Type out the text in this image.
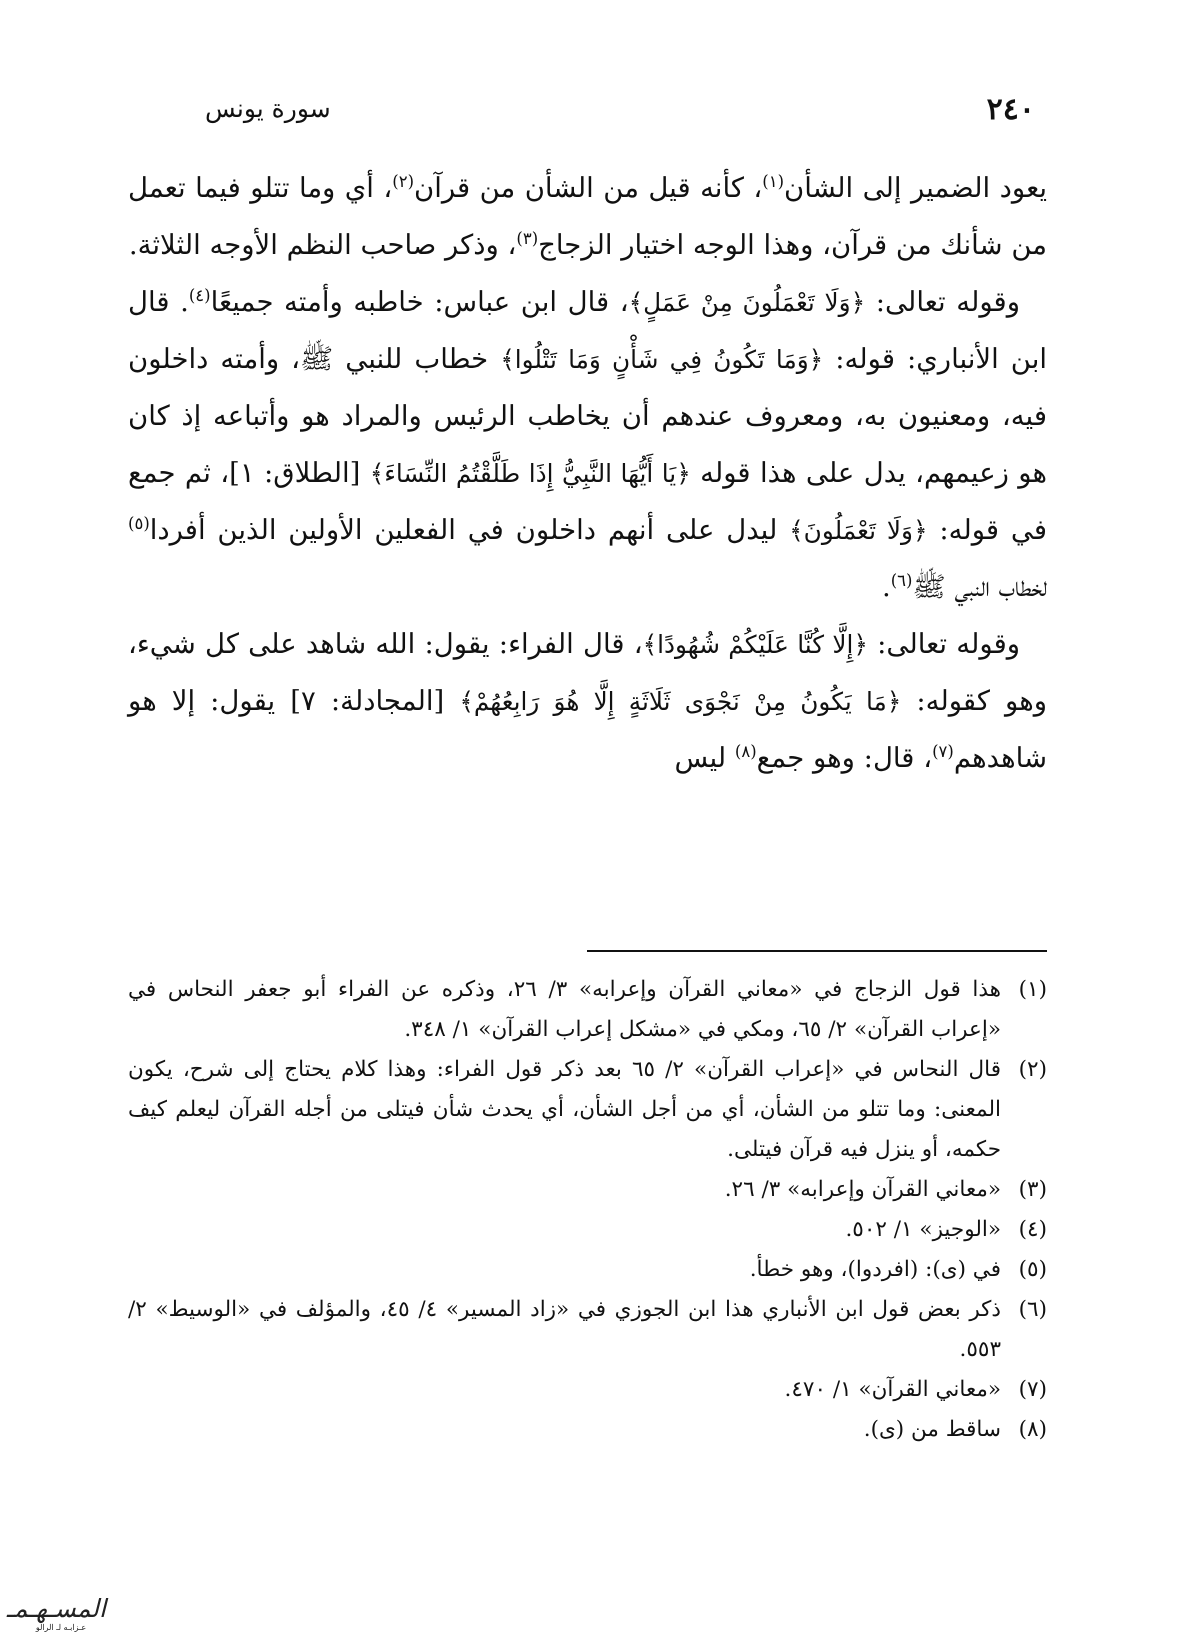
٢٤٠
سورة يونس

يعود الضمير إلى الشأن$^{(١)}$، كأنه قيل من الشأن من قرآن$^{(٢)}$، أي وما تتلو فيما تعمل من شأنك من قرآن، وهذا الوجه اختيار الزجاج$^{(٣)}$، وذكر صاحب النظم الأوجه الثلاثة.

وقوله تعالى: ﴿وَلَا تَعْمَلُونَ مِنْ عَمَلٍ﴾، قال ابن عباس: خاطبه وأمته جميعًا$^{(٤)}$. قال ابن الأنباري: قوله: ﴿وَمَا تَكُونُ فِي شَأْنٍ وَمَا تَتْلُوا﴾ خطاب للنبي ﷺ، وأمته داخلون فيه، ومعنيون به، ومعروف عندهم أن يخاطب الرئيس والمراد هو وأتباعه إذ كان هو زعيمهم، يدل على هذا قوله ﴿يَا أَيُّهَا النَّبِيُّ إِذَا طَلَّقْتُمُ النِّسَاءَ﴾ [الطلاق: ١]، ثم جمع في قوله: ﴿وَلَا تَعْمَلُونَ﴾ ليدل على أنهم داخلون في الفعلين الأولين الذين أفردا$^{(٥)}$ لخطاب النبي ﷺ$^{(٦)}$.

وقوله تعالى: ﴿إِلَّا كُنَّا عَلَيْكُمْ شُهُودًا﴾، قال الفراء: يقول: الله شاهد على كل شيء، وهو كقوله: ﴿مَا يَكُونُ مِنْ نَجْوَى ثَلَاثَةٍ إِلَّا هُوَ رَابِعُهُمْ﴾ [المجادلة: ٧] يقول: إلا هو شاهدهم$^{(٧)}$، قال: وهو جمع$^{(٨)}$ ليس

(١)
هذا قول الزجاج في «معاني القرآن وإعرابه» ٣/ ٢٦، وذكره عن الفراء أبو جعفر النحاس في «إعراب القرآن» ٢/ ٦٥، ومكي في «مشكل إعراب القرآن» ١/ ٣٤٨.
(٢)
قال النحاس في «إعراب القرآن» ٢/ ٦٥ بعد ذكر قول الفراء: وهذا كلام يحتاج إلى شرح، يكون المعنى: وما تتلو من الشأن، أي من أجل الشأن، أي يحدث شأن فيتلى من أجله القرآن ليعلم كيف حكمه، أو ينزل فيه قرآن فيتلى.
(٣)
«معاني القرآن وإعرابه» ٣/ ٢٦.
(٤)
«الوجيز» ١/ ٥٠٢.
(٥)
في (ى): (افردوا)، وهو خطأ.
(٦)
ذكر بعض قول ابن الأنباري هذا ابن الجوزي في «زاد المسير» ٤/ ٤٥، والمؤلف في «الوسيط» ٢/ ٥٥٣.
(٧)
«معاني القرآن» ١/ ٤٧٠.
(٨)
ساقط من (ى).
المسـ‍هـمـ
عـزابـه لـ الرالو
